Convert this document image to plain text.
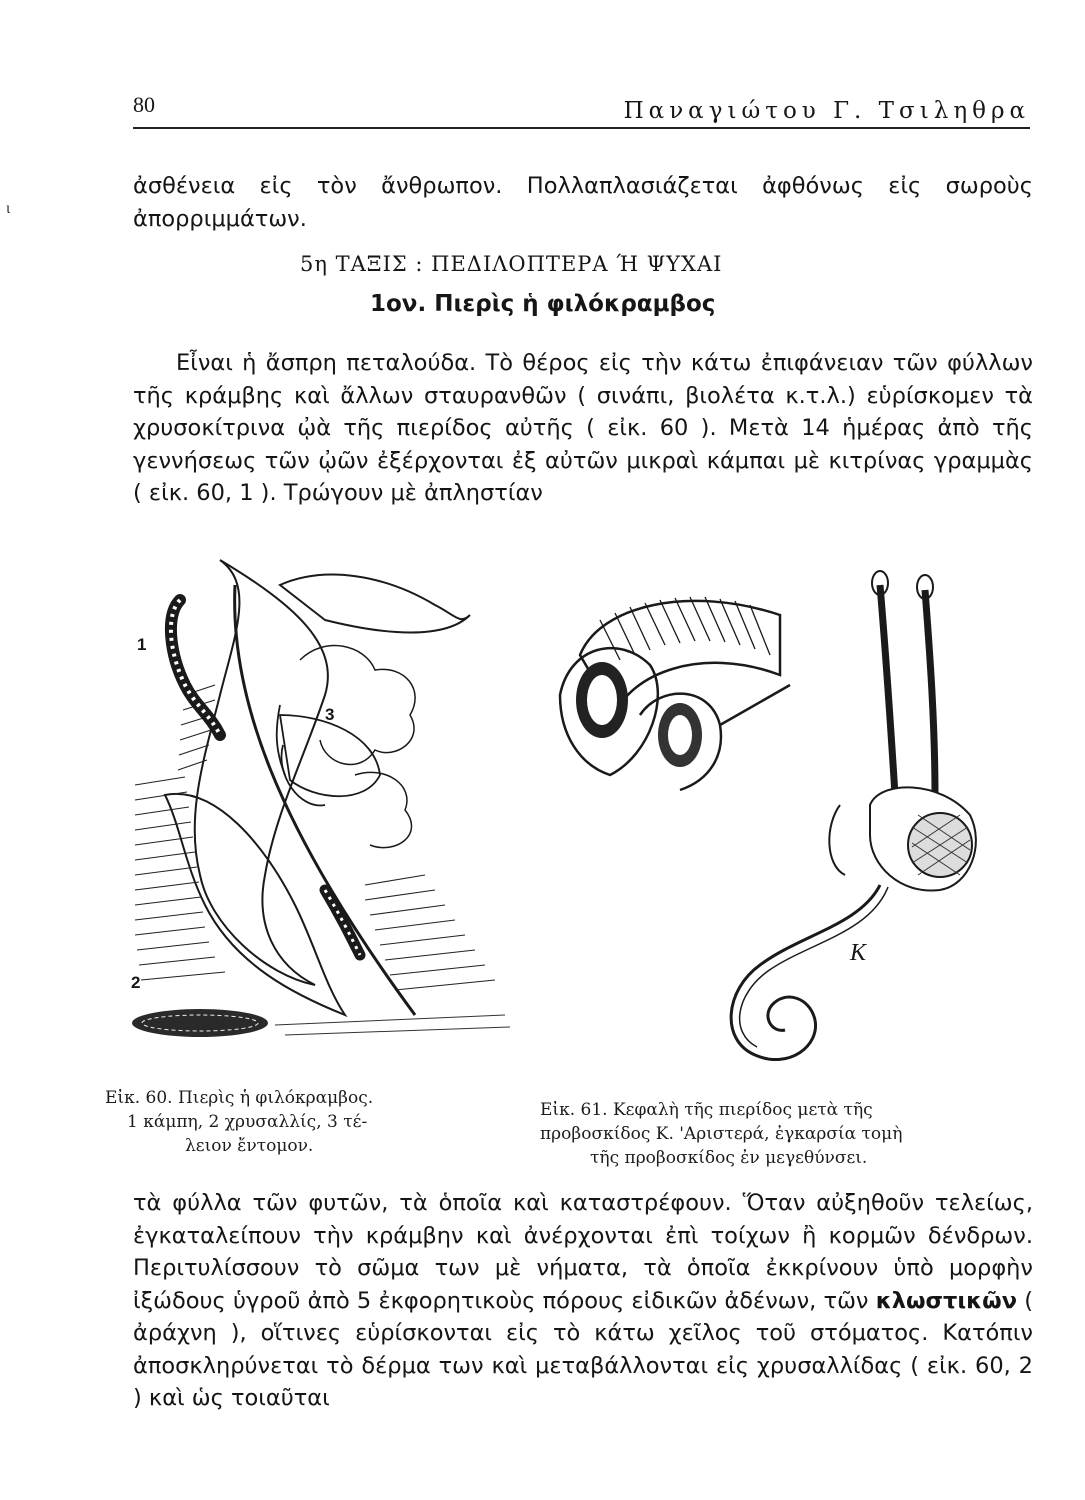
80	Παναγιώτου Γ. Τσιληθρα
ι

ἀσθένεια εἰς τὸν ἄνθρωπον. Πολλαπλασιάζεται ἀφθόνως εἰς σωροὺς ἀπορριμμάτων.

5η ΤΑΞΙΣ : ΠΕΔΙΛΟΠΤΕΡΑ Ή ΨΥΧΑΙ
1ον. Πιερὶς ἡ φιλόκραμβος

Εἶναι ἡ ἄσπρη πεταλούδα. Τὸ θέρος εἰς τὴν κάτω ἐπιφάνειαν τῶν φύλλων τῆς κράμβης καὶ ἄλλων σταυρανθῶν ( σινάπι, βιολέτα κ.τ.λ.) εὑρίσκομεν τὰ χρυσοκίτρινα ᾠὰ τῆς πιερίδος αὐτῆς ( εἰκ. 60 ). Μετὰ 14 ἡμέρας ἀπὸ τῆς γεννήσεως τῶν ᾠῶν ἐξέρχονται ἐξ αὐτῶν μικραὶ κάμπαι μὲ κιτρίνας γραμμὰς ( εἰκ. 60, 1 ). Τρώγουν μὲ ἀπληστίαν

1
3
2
K
Εἰκ. 60. Πιερὶς ἡ φιλόκραμβος.
1 κάμπη, 2 χρυσαλλίς, 3 τέ-
λειον ἔντομον.
Εἰκ. 61. Κεφαλὴ τῆς πιερίδος μετὰ τῆς
προβοσκίδος Κ. 'Αριστερά, ἐγκαρσία τομὴ
τῆς προβοσκίδος ἐν μεγεθύνσει.

τὰ φύλλα τῶν φυτῶν, τὰ ὁποῖα καὶ καταστρέφουν. Ὅταν αὐξηθοῦν τελείως, ἐγκαταλείπουν τὴν κράμβην καὶ ἀνέρχονται ἐπὶ τοίχων ἢ κορμῶν δένδρων. Περιτυλίσσουν τὸ σῶμα των μὲ νήματα, τὰ ὁποῖα ἐκκρίνουν ὑπὸ μορφὴν ἰξώδους ὑγροῦ ἀπὸ 5 ἐκφορητικοὺς πόρους εἰδικῶν ἀδένων, τῶν κλωστικῶν ( ἀράχνη ), οἵτινες εὑρίσκονται εἰς τὸ κάτω χεῖλος τοῦ στόματος. Κατόπιν ἀποσκληρύνεται τὸ δέρμα των καὶ μεταβάλλονται εἰς χρυσαλλίδας ( εἰκ. 60, 2 ) καὶ ὡς τοιαῦται
